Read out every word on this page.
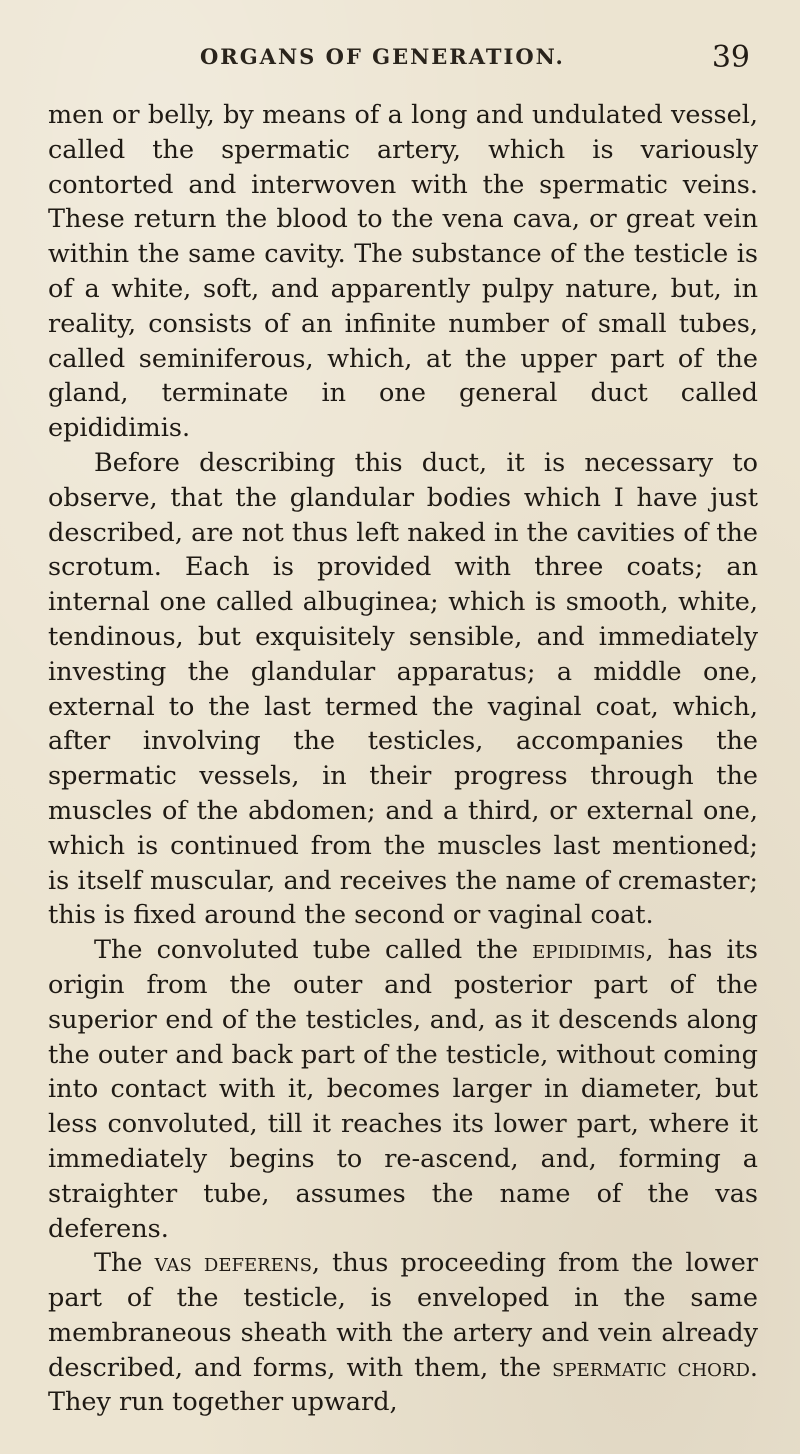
ORGANS OF GENERATION.	39

men or belly, by means of a long and undulated vessel, called the spermatic artery, which is variously contorted and interwoven with the spermatic veins. These return the blood to the vena cava, or great vein within the same cavity. The substance of the testicle is of a white, soft, and apparently pulpy nature, but, in reality, consists of an infinite number of small tubes, called seminiferous, which, at the upper part of the gland, terminate in one general duct called epididimis.

Before describing this duct, it is necessary to observe, that the glandular bodies which I have just described, are not thus left naked in the cavities of the scrotum. Each is provided with three coats; an internal one called albuginea; which is smooth, white, tendinous, but exquisitely sensible, and immediately investing the glandular apparatus; a middle one, external to the last termed the vaginal coat, which, after involving the testicles, accompanies the spermatic vessels, in their progress through the muscles of the abdomen; and a third, or external one, which is continued from the muscles last mentioned; is itself muscular, and receives the name of cremaster; this is fixed around the second or vaginal coat.

The convoluted tube called the epididimis, has its origin from the outer and posterior part of the superior end of the testicles, and, as it descends along the outer and back part of the testicle, without coming into contact with it, becomes larger in diameter, but less convoluted, till it reaches its lower part, where it immediately begins to re-ascend, and, forming a straighter tube, assumes the name of the vas deferens.

The vas deferens, thus proceeding from the lower part of the testicle, is enveloped in the same membraneous sheath with the artery and vein already described, and forms, with them, the spermatic chord. They run together upward,
